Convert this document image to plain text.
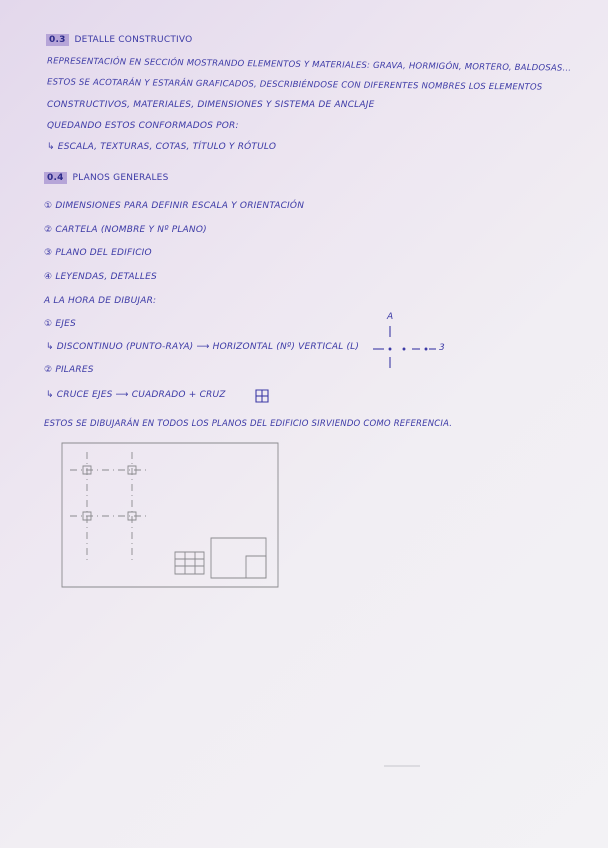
0.3 DETALLE CONSTRUCTIVO
REPRESENTACIÓN EN SECCIÓN MOSTRANDO ELEMENTOS Y MATERIALES: GRAVA, HORMIGÓN, MORTERO, BALDOSAS...
ESTOS SE ACOTARÁN Y ESTARÁN GRAFICADOS, DESCRIBIÉNDOSE CON DIFERENTES NOMBRES LOS ELEMENTOS
CONSTRUCTIVOS, MATERIALES, DIMENSIONES Y SISTEMA DE ANCLAJE
QUEDANDO ESTOS CONFORMADOS POR:
↳ ESCALA, TEXTURAS, COTAS, TÍTULO Y RÓTULO
0.4 PLANOS GENERALES
① DIMENSIONES PARA DEFINIR ESCALA Y ORIENTACIÓN
② CARTELA (NOMBRE Y Nº PLANO)
③ PLANO DEL EDIFICIO
④ LEYENDAS, DETALLES
A LA HORA DE DIBUJAR:
① EJES
↳ DISCONTINUO (PUNTO-RAYA) ⟶ HORIZONTAL (Nº) VERTICAL (L)
A
3
② PILARES
↳ CRUCE EJES ⟶ CUADRADO + CRUZ
ESTOS SE DIBUJARÁN EN TODOS LOS PLANOS DEL EDIFICIO SIRVIENDO COMO REFERENCIA.
